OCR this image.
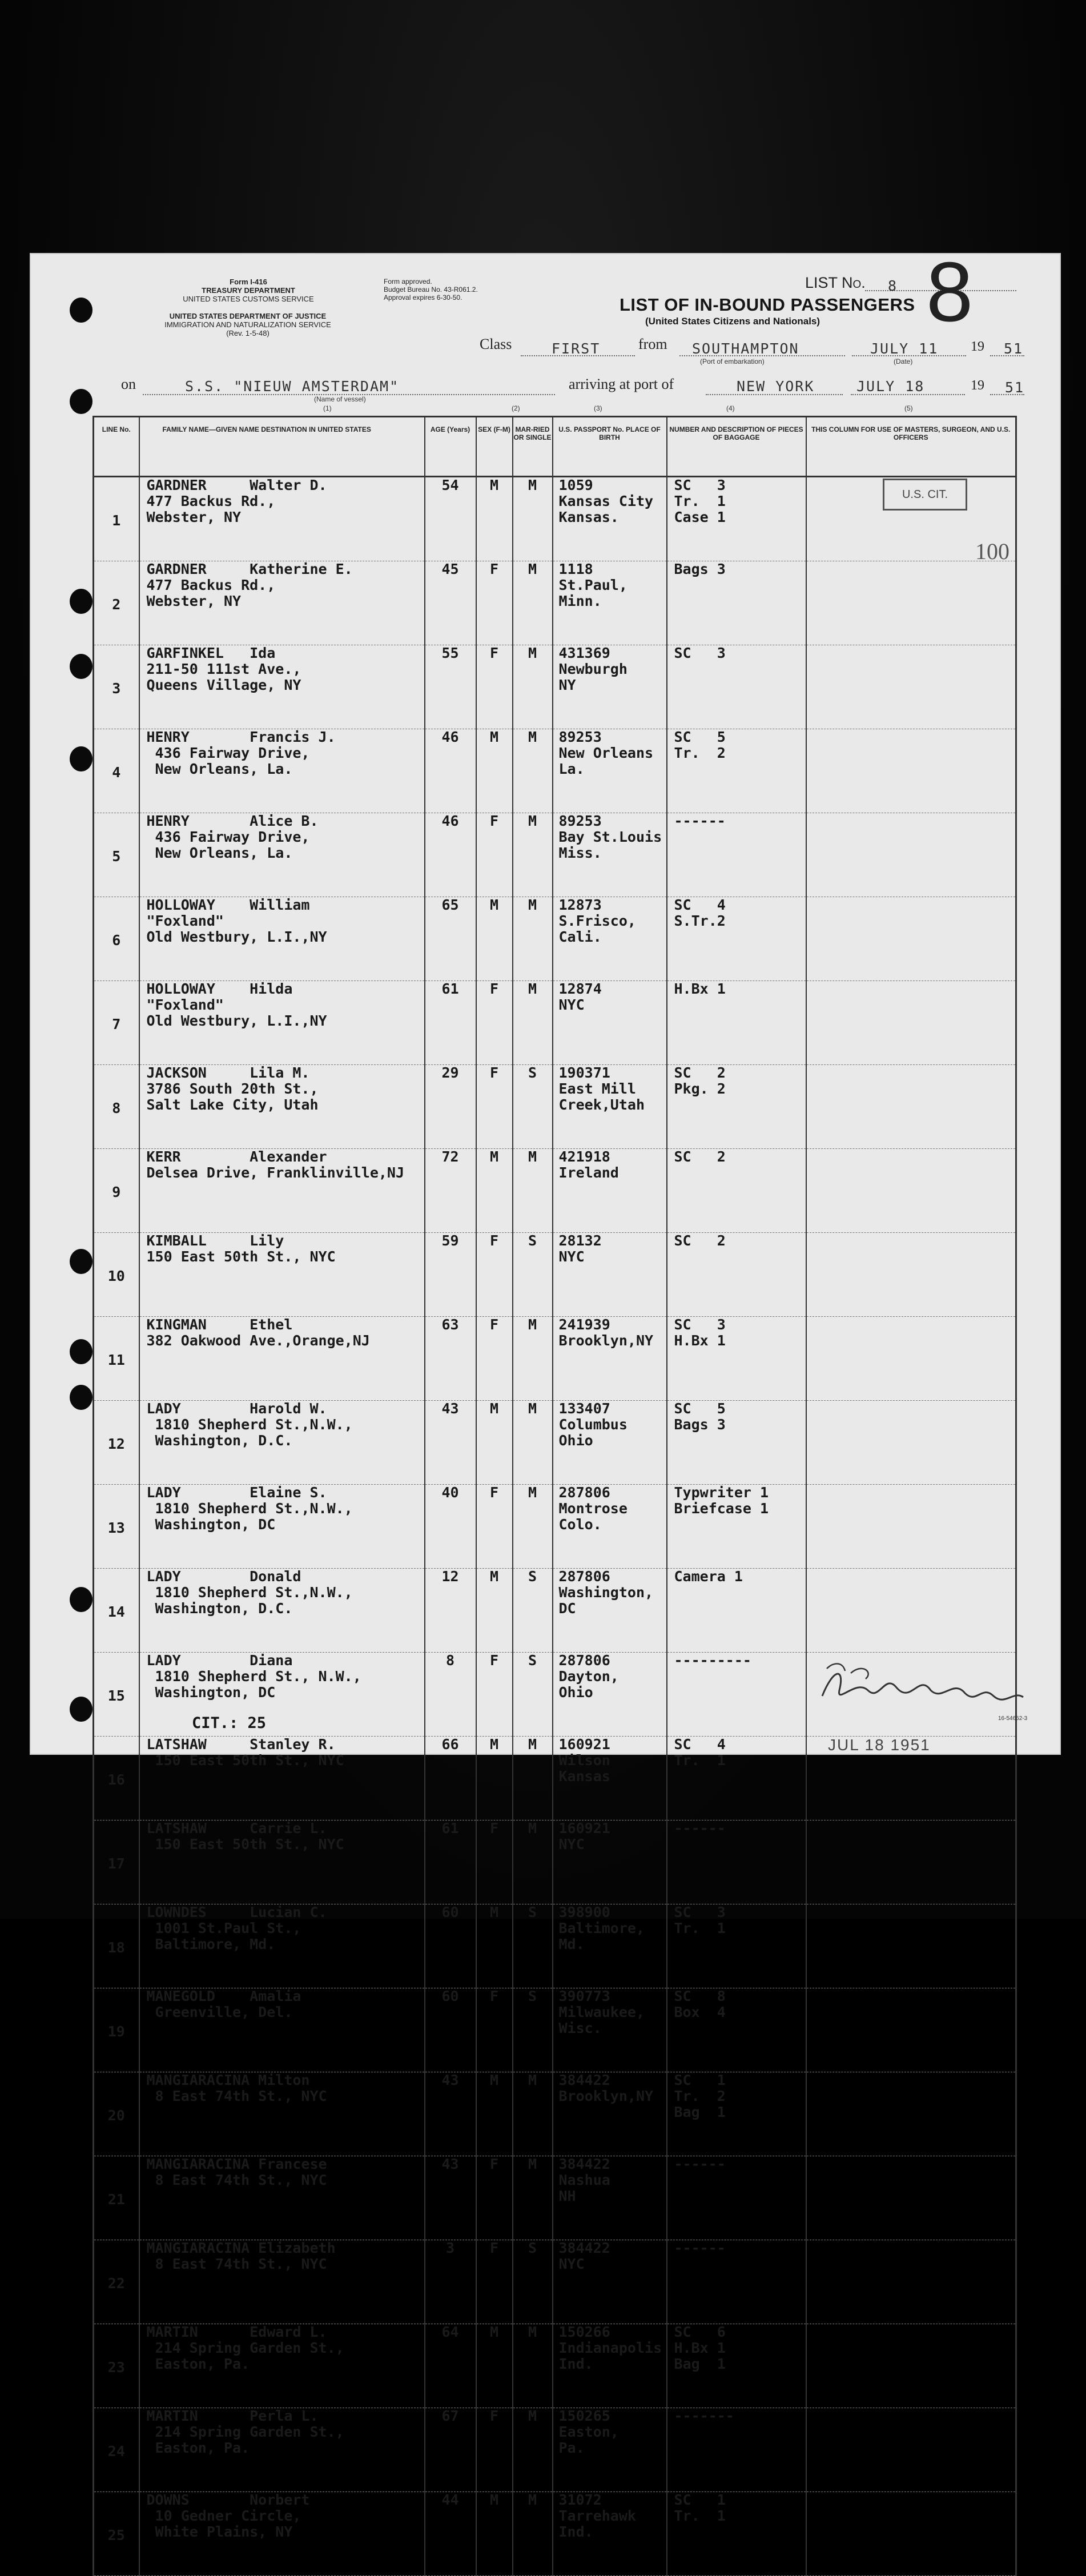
Form I-416
TREASURY DEPARTMENT
UNITED STATES CUSTOMS SERVICE
UNITED STATES DEPARTMENT OF JUSTICE
IMMIGRATION AND NATURALIZATION SERVICE
(Rev. 1-5-48)
Form approved.
Budget Bureau No. 43-R061.2.
Approval expires 6-30-50.
LIST No. 8 8
LIST OF IN-BOUND PASSENGERS
(United States Citizens and Nationals)
Class	FIRST	from SOUTHAMPTON
(Port of embarkation)
JULY 11
(Date)
19 51
on	S.S. "NIEUW AMSTERDAM"
(Name of vessel)
arriving at port of	NEW YORK	JULY 18	19 51
(1)	(2)	(3)	(4)	(5)
LINE No.	FAMILY NAME—GIVEN NAME DESTINATION IN UNITED STATES	AGE (Years)	SEX (F-M)	MAR-RIED OR SINGLE	U.S. PASSPORT No. PLACE OF BIRTH	NUMBER AND DESCRIPTION OF PIECES OF BAGGAGE	THIS COLUMN FOR USE OF MASTERS, SURGEON, AND U.S. OFFICERS
1	GARDNER     Walter D.
477 Backus Rd.,
Webster, NY	54	M	M	1059
Kansas City
Kansas.	SC   3
Tr.  1
Case 1	
2	GARDNER     Katherine E.
477 Backus Rd.,
Webster, NY	45	F	M	1118
St.Paul,
Minn.	Bags 3	
3	GARFINKEL   Ida
211-50 111st Ave.,
Queens Village, NY	55	F	M	431369
Newburgh
NY	SC   3	
4	HENRY       Francis J.
436 Fairway Drive,
New Orleans, La.	46	M	M	89253
New Orleans
La.	SC   5
Tr.  2	
5	HENRY       Alice B.
436 Fairway Drive,
New Orleans, La.	46	F	M	89253
Bay St.Louis
Miss.	------	
6	HOLLOWAY    William
"Foxland"
Old Westbury, L.I.,NY	65	M	M	12873
S.Frisco,
Cali.	SC   4
S.Tr.2	
7	HOLLOWAY    Hilda
"Foxland"
Old Westbury, L.I.,NY	61	F	M	12874
NYC	H.Bx 1	
8	JACKSON     Lila M.
3786 South 20th St.,
Salt Lake City, Utah	29	F	S	190371
East Mill
Creek,Utah	SC   2
Pkg. 2	
9	KERR        Alexander
Delsea Drive, Franklinville,NJ	72	M	M	421918
Ireland	SC   2	
10	KIMBALL     Lily
150 East 50th St., NYC	59	F	S	28132
NYC	SC   2	
11	KINGMAN     Ethel
382 Oakwood Ave.,Orange,NJ	63	F	M	241939
Brooklyn,NY	SC   3
H.Bx 1	
12	LADY        Harold W.
1810 Shepherd St.,N.W.,
Washington, D.C.	43	M	M	133407
Columbus
Ohio	SC   5
Bags 3	
13	LADY        Elaine S.
1810 Shepherd St.,N.W.,
Washington, DC	40	F	M	287806
Montrose
Colo.	Typwriter 1
Briefcase 1	
14	LADY        Donald
1810 Shepherd St.,N.W.,
Washington, D.C.	12	M	S	287806
Washington,
DC	Camera 1	
15	LADY        Diana
1810 Shepherd St., N.W.,
Washington, DC	8	F	S	287806
Dayton,
Ohio	---------	
16	LATSHAW     Stanley R.
150 East 50th St., NYC	66	M	M	160921
Wilson
Kansas	SC   4
Tr.  1	
17	LATSHAW     Carrie L.
150 East 50th St., NYC	61	F	M	160921
NYC	------	
18	LOWNDES     Lucian C.
1001 St.Paul St.,
Baltimore, Md.	60	M	S	398900
Baltimore,
Md.	SC   3
Tr.  1	
19	MANEGOLD    Amalia
Greenville, Del.	60	F	S	390773
Milwaukee,
Wisc.	SC   8
Box  4	
20	MANGIARACINA Milton
8 East 74th St., NYC	43	M	M	384422
Brooklyn,NY	SC   1
Tr.  2
Bag  1	
21	MANGIARACINA Francese
8 East 74th St., NYC	43	F	M	384422
Nashua
NH	------	
22	MANGIARACINA Elizabeth
8 East 74th St., NYC	3	F	S	384422
NYC	------	
23	MARTIN      Edward L.
214 Spring Garden St.,
Easton, Pa.	64	M	M	150266
Indianapolis
Ind.	SC   6
H.Bx 1
Bag  1	
24	MARTIN      Perla L.
214 Spring Garden St.,
Easton, Pa.	67	F	M	150265
Easton,
Pa.	-------	
25	DOWNS       Norbert
10 Gedner Circle,
White Plains, NY	44	M	M	31072
Tarrehawk
Ind.	SC   1
Tr.  1	
U.S. CIT.
100
CIT.: 25
JUL 18 1951
16-54652-3
